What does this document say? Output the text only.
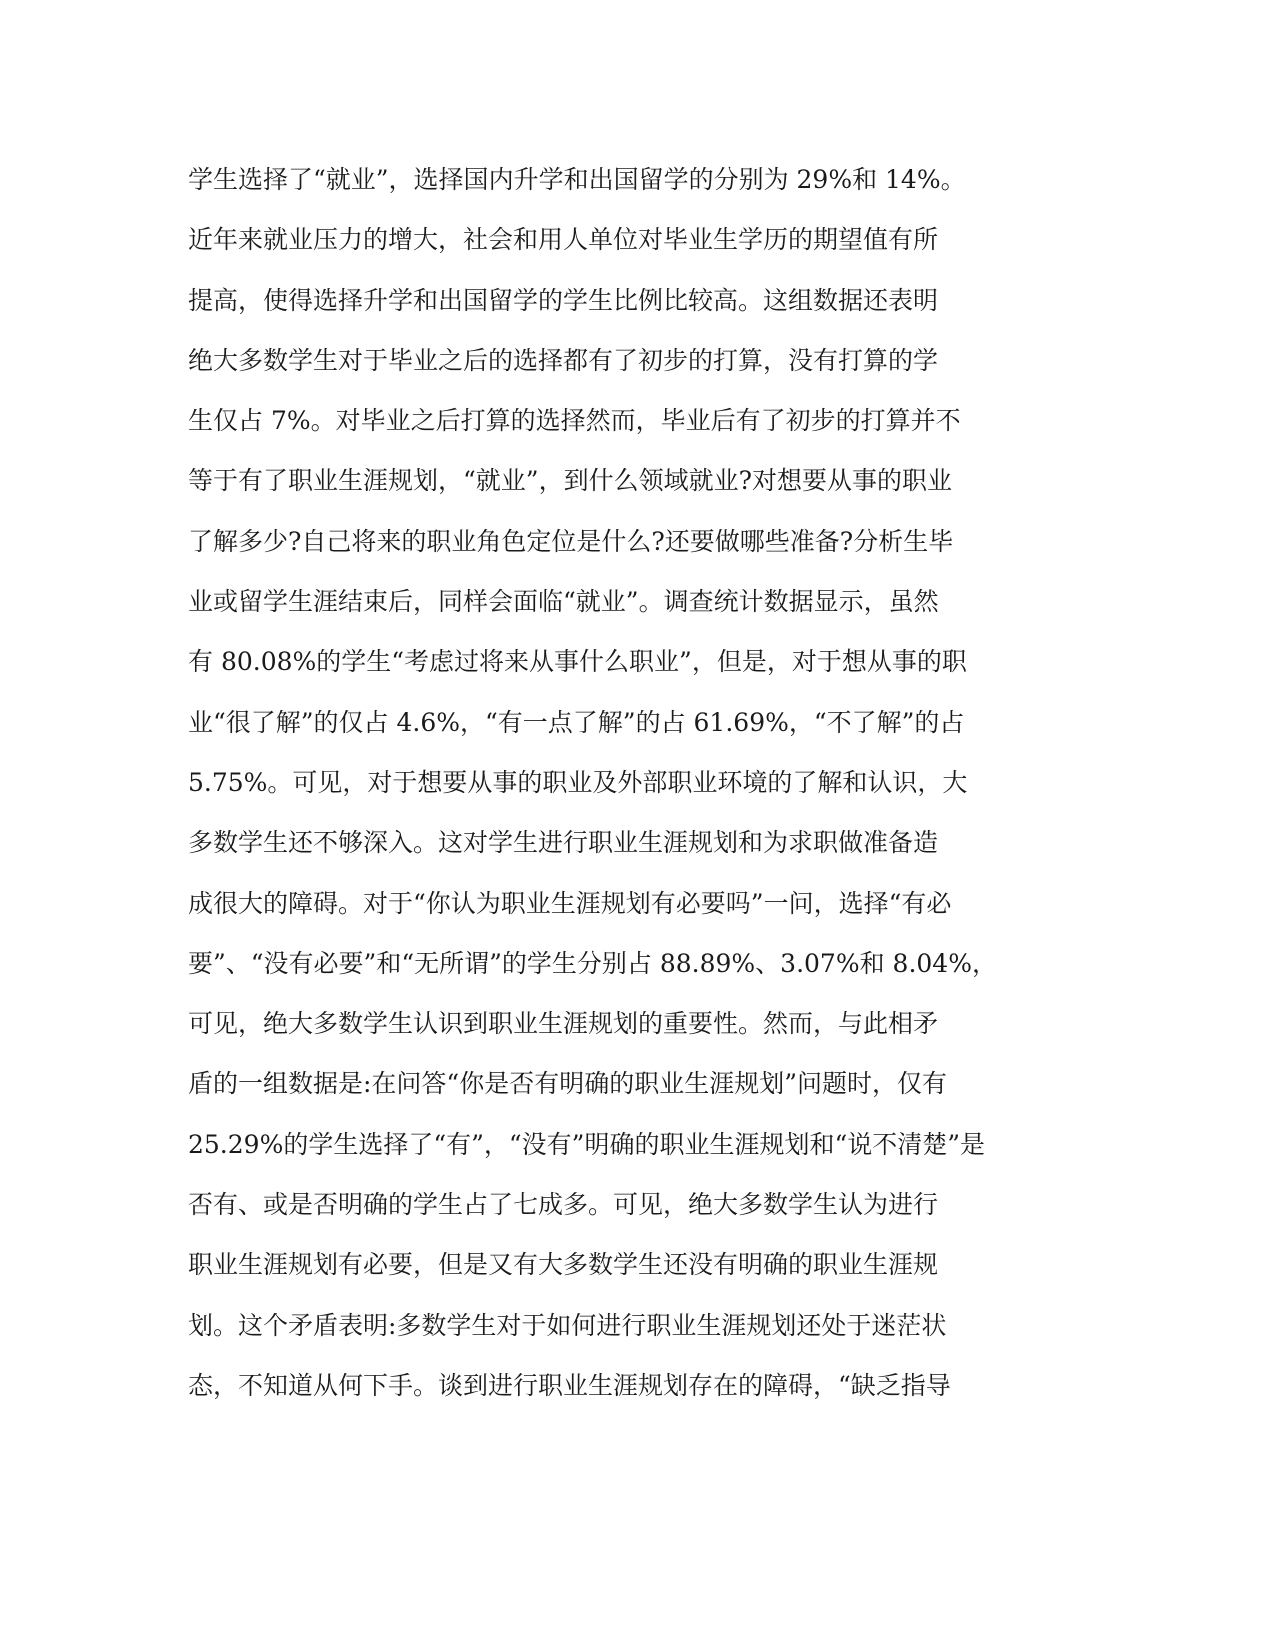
学生选择了“就业”，选择国内升学和出国留学的分别为 29%和 14%。
近年来就业压力的增大，社会和用人单位对毕业生学历的期望值有所
提高，使得选择升学和出国留学的学生比例比较高。这组数据还表明
绝大多数学生对于毕业之后的选择都有了初步的打算，没有打算的学
生仅占 7%。对毕业之后打算的选择然而，毕业后有了初步的打算并不
等于有了职业生涯规划，“就业”，到什么领域就业?对想要从事的职业
了解多少?自己将来的职业角色定位是什么?还要做哪些准备?分析生毕
业或留学生涯结束后，同样会面临“就业”。调查统计数据显示，虽然
有 80.08%的学生“考虑过将来从事什么职业”，但是，对于想从事的职
业“很了解”的仅占 4.6%，“有一点了解”的占 61.69%，“不了解”的占
5.75%。可见，对于想要从事的职业及外部职业环境的了解和认识，大
多数学生还不够深入。这对学生进行职业生涯规划和为求职做准备造
成很大的障碍。对于“你认为职业生涯规划有必要吗”一问，选择“有必
要”、“没有必要”和“无所谓”的学生分别占 88.89%、3.07%和 8.04%，
可见，绝大多数学生认识到职业生涯规划的重要性。然而，与此相矛
盾的一组数据是:在问答“你是否有明确的职业生涯规划”问题时，仅有
25.29%的学生选择了“有”，“没有”明确的职业生涯规划和“说不清楚”是
否有、或是否明确的学生占了七成多。可见，绝大多数学生认为进行
职业生涯规划有必要，但是又有大多数学生还没有明确的职业生涯规
划。这个矛盾表明:多数学生对于如何进行职业生涯规划还处于迷茫状
态，不知道从何下手。谈到进行职业生涯规划存在的障碍，“缺乏指导
